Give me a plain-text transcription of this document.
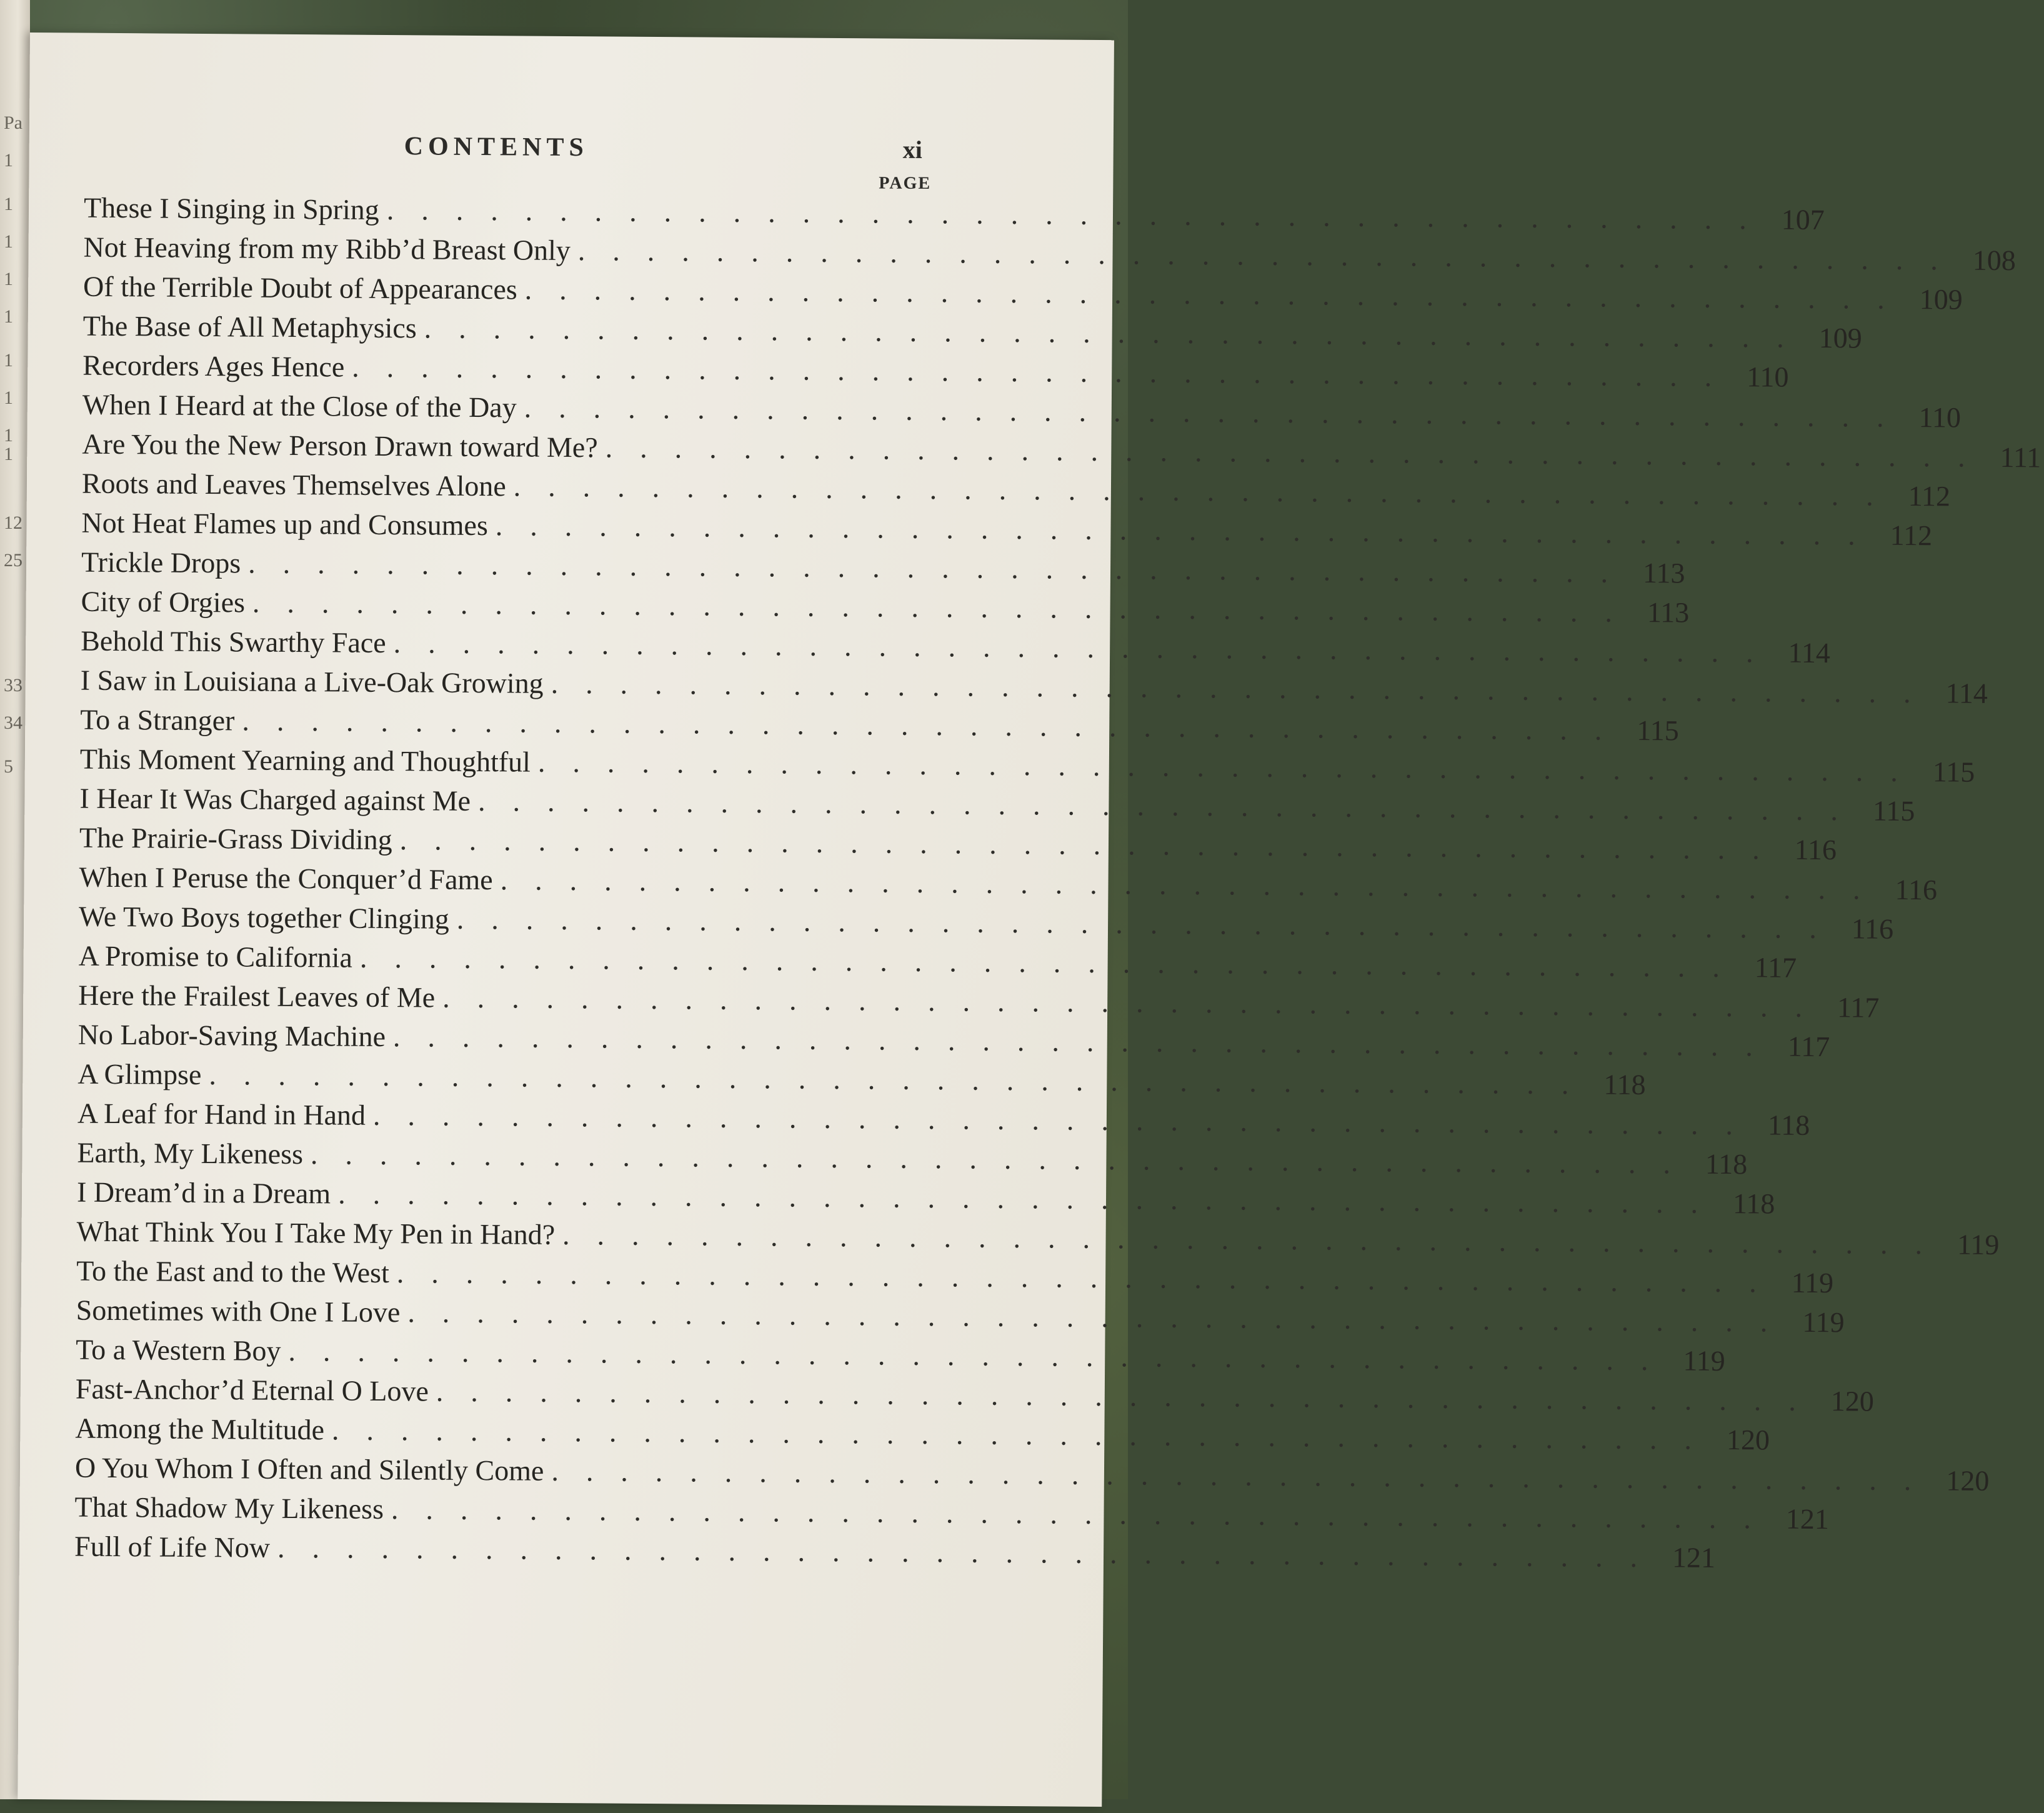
Pa
1
1
1
1
1
1
1
1
1
12
25
33
34
5
CONTENTS	xi
PAGE
These I Singing in Spring ........................................ 107
Not Heaving from my Ribb’d Breast Only ........................................ 108
Of the Terrible Doubt of Appearances ........................................ 109
The Base of All Metaphysics ........................................ 109
Recorders Ages Hence ........................................ 110
When I Heard at the Close of the Day ........................................ 110
Are You the New Person Drawn toward Me? ........................................ 111
Roots and Leaves Themselves Alone ........................................ 112
Not Heat Flames up and Consumes ........................................ 112
Trickle Drops ........................................ 113
City of Orgies ........................................ 113
Behold This Swarthy Face ........................................ 114
I Saw in Louisiana a Live-Oak Growing ........................................ 114
To a Stranger ........................................ 115
This Moment Yearning and Thoughtful ........................................ 115
I Hear It Was Charged against Me ........................................ 115
The Prairie-Grass Dividing ........................................ 116
When I Peruse the Conquer’d Fame ........................................ 116
We Two Boys together Clinging ........................................ 116
A Promise to California ........................................ 117
Here the Frailest Leaves of Me ........................................ 117
No Labor-Saving Machine ........................................ 117
A Glimpse ........................................ 118
A Leaf for Hand in Hand ........................................ 118
Earth, My Likeness ........................................ 118
I Dream’d in a Dream ........................................ 118
What Think You I Take My Pen in Hand? ........................................ 119
To the East and to the West ........................................ 119
Sometimes with One I Love ........................................ 119
To a Western Boy ........................................ 119
Fast-Anchor’d Eternal O Love ........................................ 120
Among the Multitude ........................................ 120
O You Whom I Often and Silently Come ........................................ 120
That Shadow My Likeness ........................................ 121
Full of Life Now ........................................ 121
